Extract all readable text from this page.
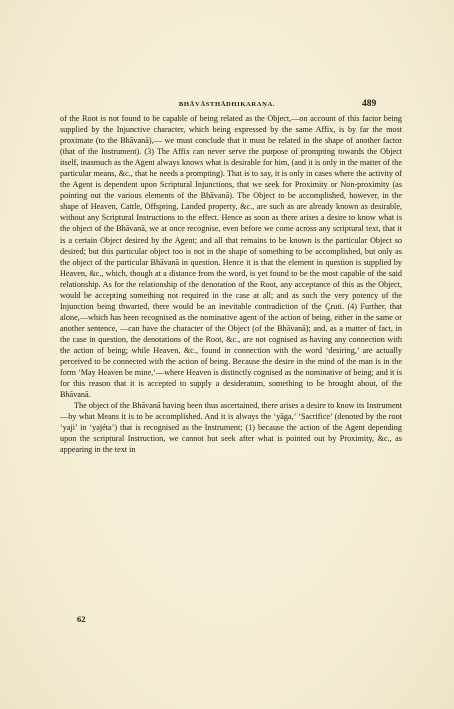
BHĀVĀSTHĀDHIKARAṆA.	489

of the Root is not found to be capable of being related as the Object,—on account of this factor being supplied by the Injunctive character, which being expressed by the same Affix, is by far the most proximate (to the Bhāvanā),— we must conclude that it must be related in the shape of another factor (that of the Instrument). (3) The Affix can never serve the purpose of prompting towards the Object itself, inasmuch as the Agent always knows what is desirable for him, (and it is only in the matter of the particular means, &c., that he needs a prompting). That is to say, it is only in cases where the activity of the Agent is dependent upon Scriptural Injunctions, that we seek for Proximity or Non-proximity (as pointing out the various elements of the Bhāvanā). The Object to be accomplished, however, in the shape of Heaven, Cattle, Offspring, Landed property, &c., are such as are already known as desirable, without any Scriptural Instructions to the effect. Hence as soon as there arises a desire to know what is the object of the Bhāvanā, we at once recognise, even before we come across any scriptural text, that it is a certain Object desired by the Agent; and all that remains to be known is the particular Object so desired; but this particular object too is not in the shape of something to be accomplished, but only as the object of the particular Bhāvanā in question. Hence it is that the element in question is supplied by Heaven, &c., which, though at a distance from the word, is yet found to be the most capable of the said relationship. As for the relationship of the denotation of the Root, any acceptance of this as the Object, would be accepting something not required in the case at all; and as such the very potency of the Injunction being thwarted, there would be an inevitable contradiction of the Çruti. (4) Further, that alone,—which has been recognised as the nominative agent of the action of being, either in the same or another sentence, —can have the character of the Object (of the Bhāvanā); and, as a matter of fact, in the case in question, the denotations of the Root, &c., are not cognised as having any connection with the action of being; while Heaven, &c., found in connection with the word ‘desiring,’ are actually perceived to be connected with the action of being. Because the desire in the mind of the man is in the form ‘May Heaven be mine,’—where Heaven is distinctly cognised as the nominative of being; and it is for this reason that it is accepted to supply a desideratum, something to be brought about, of the Bhāvanā.

The object of the Bhāvanā having been thus ascertained, there arises a desire to know its Instrument—by what Means it is to be accomplished. And it is always the ‘yāga,’ ‘Sacrifice’ (denoted by the root ‘yaji’ in ‘yajéta’) that is recognised as the Instrument; (1) because the action of the Agent depending upon the scriptural Instruction, we cannot but seek after what is pointed out by Proximity, &c., as appearing in the text in

62
